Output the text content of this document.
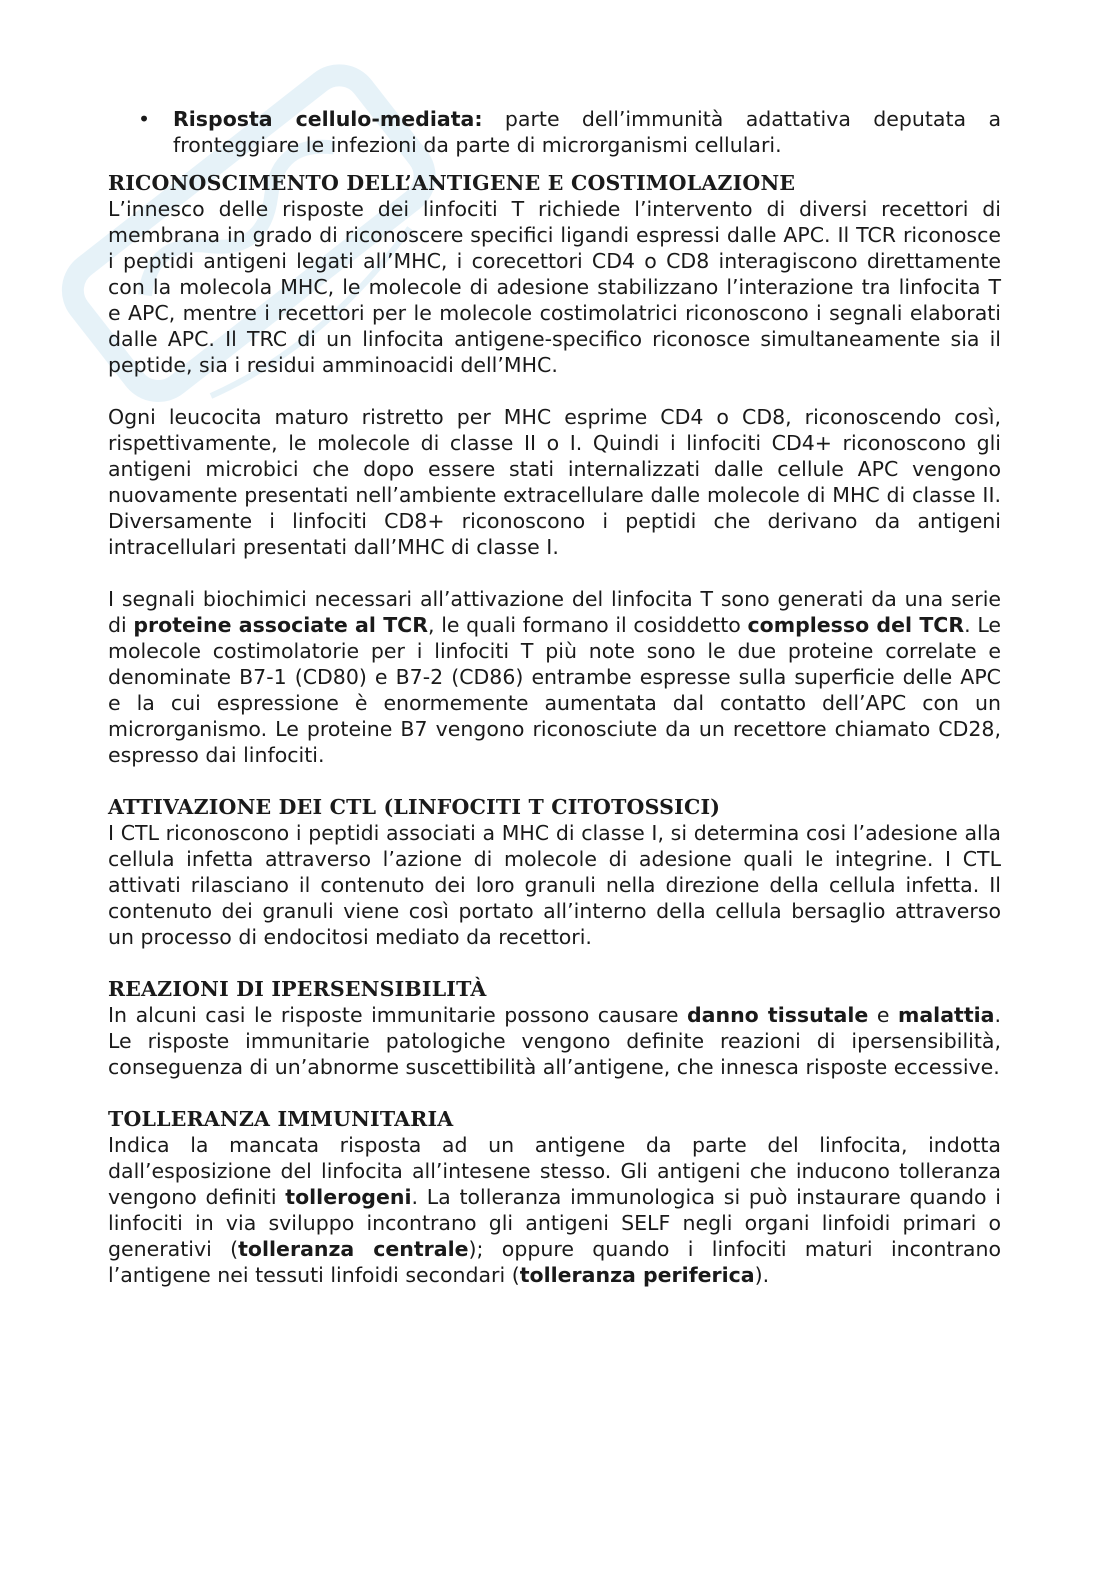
• Risposta cellulo-mediata: parte dell’immunità adattativa deputata a fronteggiare le infezioni da parte di microrganismi cellulari.
RICONOSCIMENTO DELL’ANTIGENE E COSTIMOLAZIONE

L’innesco delle risposte dei linfociti T richiede l’intervento di diversi recettori di membrana in grado di riconoscere specifici ligandi espressi dalle APC. Il TCR riconosce i peptidi antigeni legati all’MHC, i corecettori CD4 o CD8 interagiscono direttamente con la molecola MHC, le molecole di adesione stabilizzano l’interazione tra linfocita T e APC, mentre i recettori per le molecole costimolatrici riconoscono i segnali elaborati dalle APC. Il TRC di un linfocita antigene-specifico riconosce simultaneamente sia il peptide, sia i residui amminoacidi dell’MHC.

Ogni leucocita maturo ristretto per MHC esprime CD4 o CD8, riconoscendo così, rispettivamente, le molecole di classe II o I. Quindi i linfociti CD4+ riconoscono gli antigeni microbici che dopo essere stati internalizzati dalle cellule APC vengono nuovamente presentati nell’ambiente extracellulare dalle molecole di MHC di classe II. Diversamente i linfociti CD8+ riconoscono i peptidi che derivano da antigeni intracellulari presentati dall’MHC di classe I.

I segnali biochimici necessari all’attivazione del linfocita T sono generati da una serie di proteine associate al TCR, le quali formano il cosiddetto complesso del TCR. Le molecole costimolatorie per i linfociti T più note sono le due proteine correlate e denominate B7-1 (CD80) e B7-2 (CD86) entrambe espresse sulla superficie delle APC e la cui espressione è enormemente aumentata dal contatto dell’APC con un microrganismo. Le proteine B7 vengono riconosciute da un recettore chiamato CD28, espresso dai linfociti.

ATTIVAZIONE DEI CTL (LINFOCITI T CITOTOSSICI)

I CTL riconoscono i peptidi associati a MHC di classe I, si determina cosi l’adesione alla cellula infetta attraverso l’azione di molecole di adesione quali le integrine. I CTL attivati rilasciano il contenuto dei loro granuli nella direzione della cellula infetta. Il contenuto dei granuli viene così portato all’interno della cellula bersaglio attraverso un processo di endocitosi mediato da recettori.

REAZIONI DI IPERSENSIBILITÀ

In alcuni casi le risposte immunitarie possono causare danno tissutale e malattia. Le risposte immunitarie patologiche vengono definite reazioni di ipersensibilità, conseguenza di un’abnorme suscettibilità all’antigene, che innesca risposte eccessive.

TOLLERANZA IMMUNITARIA

Indica la mancata risposta ad un antigene da parte del linfocita, indotta dall’esposizione del linfocita all’intesene stesso. Gli antigeni che inducono tolleranza vengono definiti tollerogeni. La tolleranza immunologica si può instaurare quando i linfociti in via sviluppo incontrano gli antigeni SELF negli organi linfoidi primari o generativi (tolleranza centrale); oppure quando i linfociti maturi incontrano l’antigene nei tessuti linfoidi secondari (tolleranza periferica).
